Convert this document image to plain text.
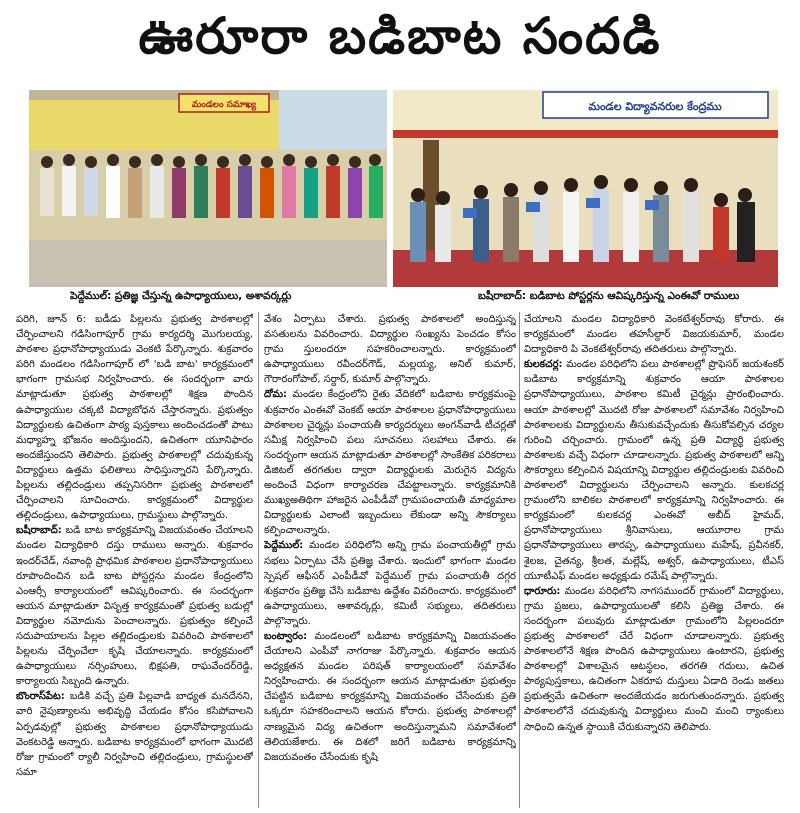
ఊరూరా బడిబాట సందడి
మండలం సమాఖ్య	మండల విద్యావనరుల కేంద్రము
పెద్దేముల్‌: ప్రతిజ్ఞ చేస్తున్న ఉపాధ్యాయులు, అశావర్కర్లు	బషీరాబాద్‌: బడిబాట పోస్టర్లను ఆవిష్కరిస్తున్న ఎంఈవో రాములు

పరిగి, జూన్‌ 6: బడీడు పిల్లలను ప్రభుత్వ పాఠశాలల్లో చేర్పించాలని గడిసింగాపూర్‌ గ్రామ కార్యదర్శి మొగులయ్య, పాఠశాల ప్రధానోపాధ్యాయుడు వెంకటి పేర్కొన్నారు. శుక్రవారం పరిగి మండలం గడిసింగాపూర్‌ లో 'బడి బాట' కార్యక్రమంలో భాగంగా గ్రామసభ నిర్వహించారు. ఈ సందర్భంగా వారు మాట్లాడుతూ ప్రభుత్వ పాఠశాలల్లో శిక్షణ పొందిన ఉపాధ్యాయుల చక్కటి విద్యాబోధన చేస్తారన్నారు. ప్రభుత్వం విద్యార్థులకు ఉచితంగా పాఠ్య పుస్తకాలు అందించడంతో పాటు మధ్యాహ్న భోజనం అందిస్తుందని, ఉచితంగా యూనిఫారం అందజేస్తుందని తెలిపారు. ప్రభుత్వ పాఠశాలల్లో చదువుకున్న విద్యార్థులు ఉత్తమ ఫలితాలు సాధిస్తున్నారని పేర్కొన్నారు. పిల్లలను తల్లిదండ్రులు తప్పనిసరిగా ప్రభుత్వ పాఠశాలలో చేర్పించాలని సూచించారు. కార్యక్రమంలో విద్యార్థుల తల్లిదండ్రులు, ఉపాధ్యాయులు, గ్రామస్థులు పాల్గొన్నారు.

బషీరాబాద్‌: బడి బాట కార్యక్రమాన్ని విజయవంతం చేయాలని మండల విద్యాధికారి దస్తు రాములు అన్నారు. శుక్రవారం ఇందర్‌చేడ్‌, నవాంద్గి ప్రాథమిక పాఠశాలల ప్రధానోపాధ్యాయులు రూపొందించిన బడి బాట పోస్టర్లను మండల కేంద్రంలోని ఎంఆర్సీ కార్యాలయంలో ఆవిష్కరించారు. ఈ సందర్భంగా ఆయన మాట్లాడుతూ విసృత్త కార్యక్రమంతో ప్రభుత్వ బడుల్లో విద్యార్థుల నమోదును పెంచాలన్నారు. ప్రభుత్వం కల్పించే సదుపాయాలను పిల్లల తల్లిదండ్రులకు వివరించి పాఠశాలలో పిల్లలను చేర్పించేలా కృషి చేయాలన్నారు. కార్యక్రమంలో ఉపాధ్యాయులు నర్సింహులు, భిక్షపతి, రాఘవేందర్‌రెడ్డి, కార్యాలయ సిబ్బంది ఉన్నారు.

బొంరాస్‌పేట: బడికి వచ్చే ప్రతి పిల్లవాడి బాధ్యత మనదేనని, వారి నైపుణ్యాలను అభివృద్ధి చేయడం కోసం కసిపోవాలని ఏర్పడవుల్లో ప్రభుత్వ పాఠశాలల ప్రధానోపాధ్యాయుడు వెంకటరెడ్డి అన్నారు. బడిబాట కార్యక్రమంలో భాగంగా మొదటి రోజు గ్రామంలో ర్యాలీ నిర్వహించి తల్లిదండ్రులు, గ్రామస్థులతో సమా

వేశం ఏర్పాటు చేశారు. ప్రభుత్వ పాఠశాలలో అందిస్తున్న వసతులను వివరించారు. విద్యార్థుల సంఖ్యను పెంచడం కోసం గ్రామ స్తులందరూ సహకరించాలన్నారు. కార్యక్రమంలో ఉపాధ్యాయులు రవీందర్‌గౌడ్‌, మల్లయ్య, అనిల్‌ కుమార్‌, గౌరారంగోపాల్‌, సర్దార్‌, కుమార్‌ పాల్గొన్నారు.

దోమ: మండల కేంద్రంలోని రైతు వేదికలో బడిబాట కార్యక్రమంపై శుక్రవారం ఎంఈవో వెంకట్‌ ఆయా పాఠశాలల ప్రధానోపాధ్యాయులు పాఠశాలల చైర్మన్లు పంచాయతీ కార్యదర్శులు అంగన్‌వాడీ టీచర్లతో సమీక్ష నిర్వహించి పలు సూచనలు సలహాలు చేశారు. ఈ సందర్భంగా ఆయన మాట్లాడుతూ పాఠశాలల్లో సాంకేతిక పరికరాలు డిజిటల్‌ తరగతుల ద్వారా విద్యార్థులకు మెరుగైన విద్యను అందించే విధంగా కార్యాచరణ చేపట్టాలన్నారు. కార్యక్రమానికి ముఖ్యఅతిథిగా హాజరైన ఎంపీడీవో గ్రామపంచాయతీ మాధ్యమాల విద్యార్థులకు ఎలాంటి ఇబ్బందులు లేకుండా అన్ని సౌకర్యాలు కల్పించాలన్నారు.

పెద్దేముల్‌: మండల పరిధిలోని అన్ని గ్రామ పంచాయతీల్లో గ్రామ సభలు ఏర్పాటు చేసి ప్రతిజ్ఞ చేశారు. ఇందులో భాగంగా మండల స్పెషల్‌ ఆఫీసర్‌ ఎంపీడీవో పెద్దేముల్‌ గ్రామ పంచాయతీ దగ్గర శుక్రవారం ప్రతిజ్ఞ చేసి బడిబాట ఉద్దేశం వివరించారు. కార్యక్రమంలో ఉపాధ్యాయులు, ఆశావర్కర్లు, కమిటీ సభ్యులు, తదితరులు పాల్గొన్నారు.

బంట్వారం: మండలంలో బడిబాట కార్యక్రమాన్ని విజయవంతం చేయాలని ఎంపీవో నాగరాజు పేర్కొన్నారు. శుక్రవారం ఆయన అధ్యక్షతన మండల పరిషత్‌ కార్యాలయంలో సమావేశం నిర్వహించారు. ఈ సందర్భంగా ఆయన మాట్లాడుతూ ప్రభుత్వం చేపట్టిన బడిబాట కార్యక్రమాన్ని విజయవంతం చేసేందుకు ప్రతి ఒక్కరూ సహకరించాలని ఆయన కోరారు. ప్రభుత్వ పాఠశాలల్లో నాణ్యమైన విద్య ఉచితంగా అందిస్తున్నామని సమావేశంలో తెలియజేశారు. ఈ దిశలో జరిగే బడిబాట కార్యక్రమాన్ని విజయవంతం చేసేందుకు కృషి

చేయాలని మండల విద్యాధికారి వెంకటేశ్వర్‌రావు కోరారు. ఈ కార్యక్రమంలో మండల తహసీల్దార్‌ విజయకుమార్‌, మండల విద్యాధికారి పి వెంకటేశ్వర్‌రావు తదితరులు పాల్గొన్నారు.

కులకచర్ల: మండల పరిధిలోని పలు పాఠశాలల్లో ప్రొఫెసర్‌ జయశంకర్‌ బడిబాట కార్యక్రమాన్ని శుక్రవారం ఆయా పాఠశాలల ప్రధానోపాధ్యాయులు, పాఠశాల కమిటీ చైర్మన్లు ప్రారంభించారు. ఆయా పాఠశాలల్లో మొదటి రోజు పాఠశాలలో సమావేశం నిర్వహించి పాఠశాలలకు విద్యార్థులను తీసుకువచ్చేందుకు తీసుకోవల్సిన చర్యల గురించి చర్చించారు. గ్రామంలో ఉన్న ప్రతి విద్యార్థి ప్రభుత్వ పాఠశాలకు వచ్చే విధంగా చూడాలన్నారు. ప్రభుత్వ పాఠశాలలో అన్ని సౌకర్యాలు కల్పించిన విషయాన్ని విద్యార్థుల తల్లిదండ్రులకు వివరించి పాఠశాలలో విద్యార్థులను చేర్పించాలని అన్నారు. కులకచర్ల గ్రామంలోని బాలికల పాఠశాలలో కార్యక్రమాన్ని నిర్వహించారు. ఈ కార్యక్రమంలో కులకచర్ల ఎంఈవో అబీద్‌ హైమద్‌, ప్రధానోపాధ్యాయులు శ్రీనివాసులు, ఆయూరాల గ్రామ ప్రధానోపాధ్యాయులు తారప్ప, ఉపాధ్యాయులు మహేష్‌, ప్రవీనకర్‌, శైలజ, చైతన్య, శ్రీలత, మల్లేష్‌, అశ్వర్‌, ఉపాధ్యాయులు, టీఎస్‌ యూటీఎఫ్‌ మండల అధ్యక్షుడు రమేష్‌ పాల్గొన్నారు.

ధారూరు: మండల పరిధిలోని నాగసముందర్‌ గ్రామంలో విద్యార్థులు, గ్రామ ప్రజలు, ఉపాధ్యాయులతో కలిసి ప్రతిజ్ఞ చేశారు. ఈ సందర్భంగా పలువురు మాట్లాడుతూ గ్రామంలోని పిల్లలందరూ ప్రభుత్వ పాఠశాలలో చేరే విధంగా చూడాలన్నారు. ప్రభుత్వ పాఠశాలలోనే శిక్షణ పొందిన ఉపాధ్యాయులు ఉంటారని, ప్రభుత్వ పాఠశాలల్లో విశాలమైన ఆటస్థలం, తరగతి గదులు, ఉచిత పాఠ్యపుస్తకాలు, ఉచితంగా ఏకరూప దుస్తులు ఏడాది రెండు జతలు ప్రభుత్వమే ఉచితంగా అందజేయడం జరుగుతుందన్నారు. ప్రభుత్వ పాఠశాలలోనే చదువుకున్న విద్యార్థులు మంచి మంచి ర్యాంకులు సాధించి ఉన్నత స్థాయికి చేరుకున్నారని తెలిపారు.
